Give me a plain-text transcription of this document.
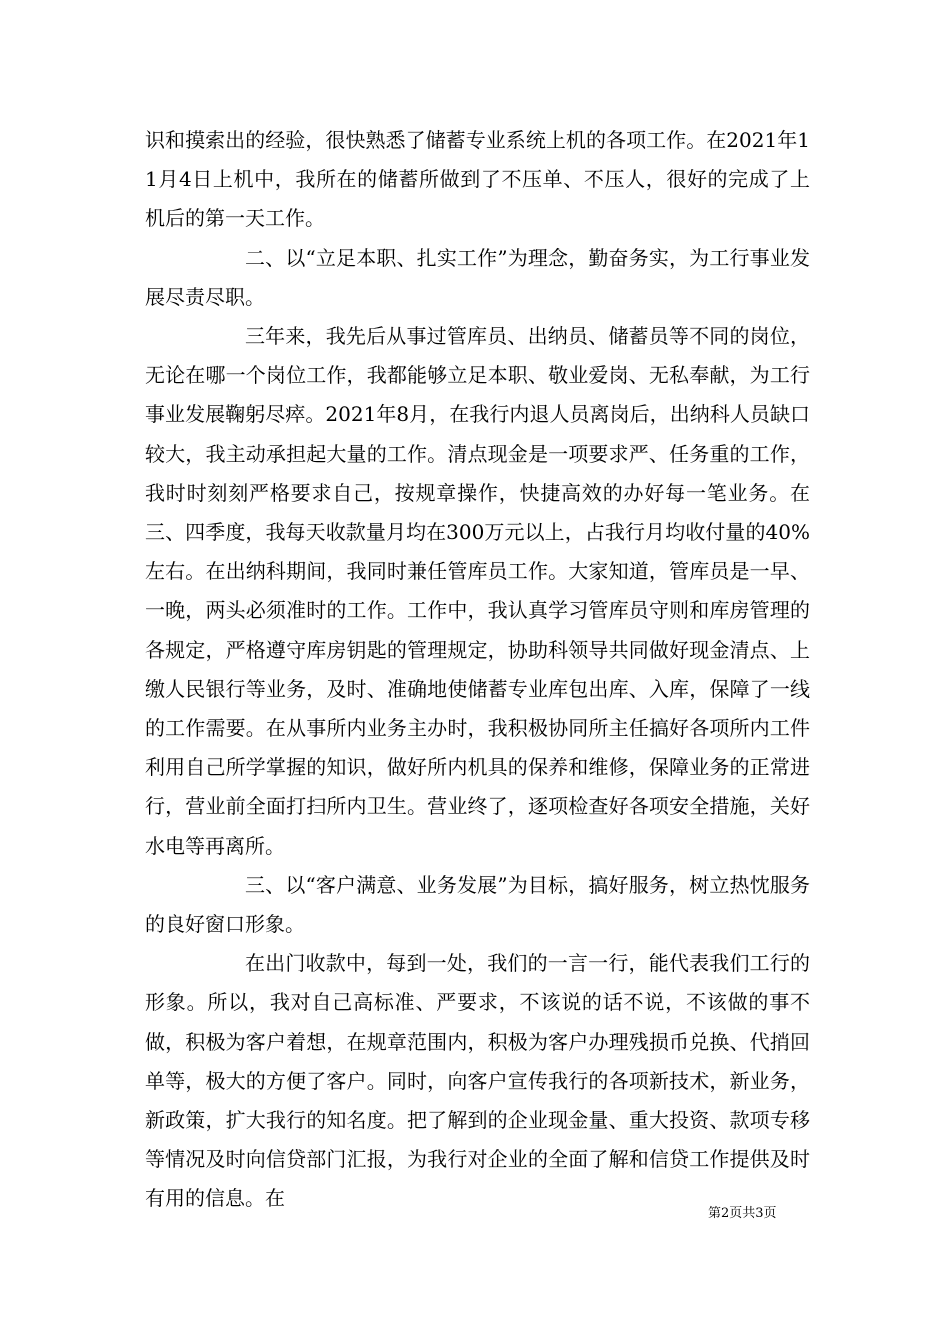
识和摸索出的经验，很快熟悉了储蓄专业系统上机的各项工作。在2021年11月4日上机中，我所在的储蓄所做到了不压单、不压人，很好的完成了上机后的第一天工作。

二、以“立足本职、扎实工作”为理念，勤奋务实，为工行事业发展尽责尽职。

三年来，我先后从事过管库员、出纳员、储蓄员等不同的岗位，无论在哪一个岗位工作，我都能够立足本职、敬业爱岗、无私奉献，为工行事业发展鞠躬尽瘁。2021年8月，在我行内退人员离岗后，出纳科人员缺口较大，我主动承担起大量的工作。清点现金是一项要求严、任务重的工作，我时时刻刻严格要求自己，按规章操作，快捷高效的办好每一笔业务。在三、四季度，我每天收款量月均在300万元以上，占我行月均收付量的40%左右。在出纳科期间，我同时兼任管库员工作。大家知道，管库员是一早、一晚，两头必须准时的工作。工作中，我认真学习管库员守则和库房管理的各规定，严格遵守库房钥匙的管理规定，协助科领导共同做好现金清点、上缴人民银行等业务，及时、准确地使储蓄专业库包出库、入库，保障了一线的工作需要。在从事所内业务主办时，我积极协同所主任搞好各项所内工件利用自己所学掌握的知识，做好所内机具的保养和维修，保障业务的正常进行，营业前全面打扫所内卫生。营业终了，逐项检查好各项安全措施，关好水电等再离所。

三、以“客户满意、业务发展”为目标，搞好服务，树立热忱服务的良好窗口形象。

在出门收款中，每到一处，我们的一言一行，能代表我们工行的形象。所以，我对自己高标准、严要求，不该说的话不说，不该做的事不做，积极为客户着想，在规章范围内，积极为客户办理残损币兑换、代捎回单等，极大的方便了客户。同时，向客户宣传我行的各项新技术，新业务，新政策，扩大我行的知名度。把了解到的企业现金量、重大投资、款项专移等情况及时向信贷部门汇报，为我行对企业的全面了解和信贷工作提供及时有用的信息。在

第2页共3页
